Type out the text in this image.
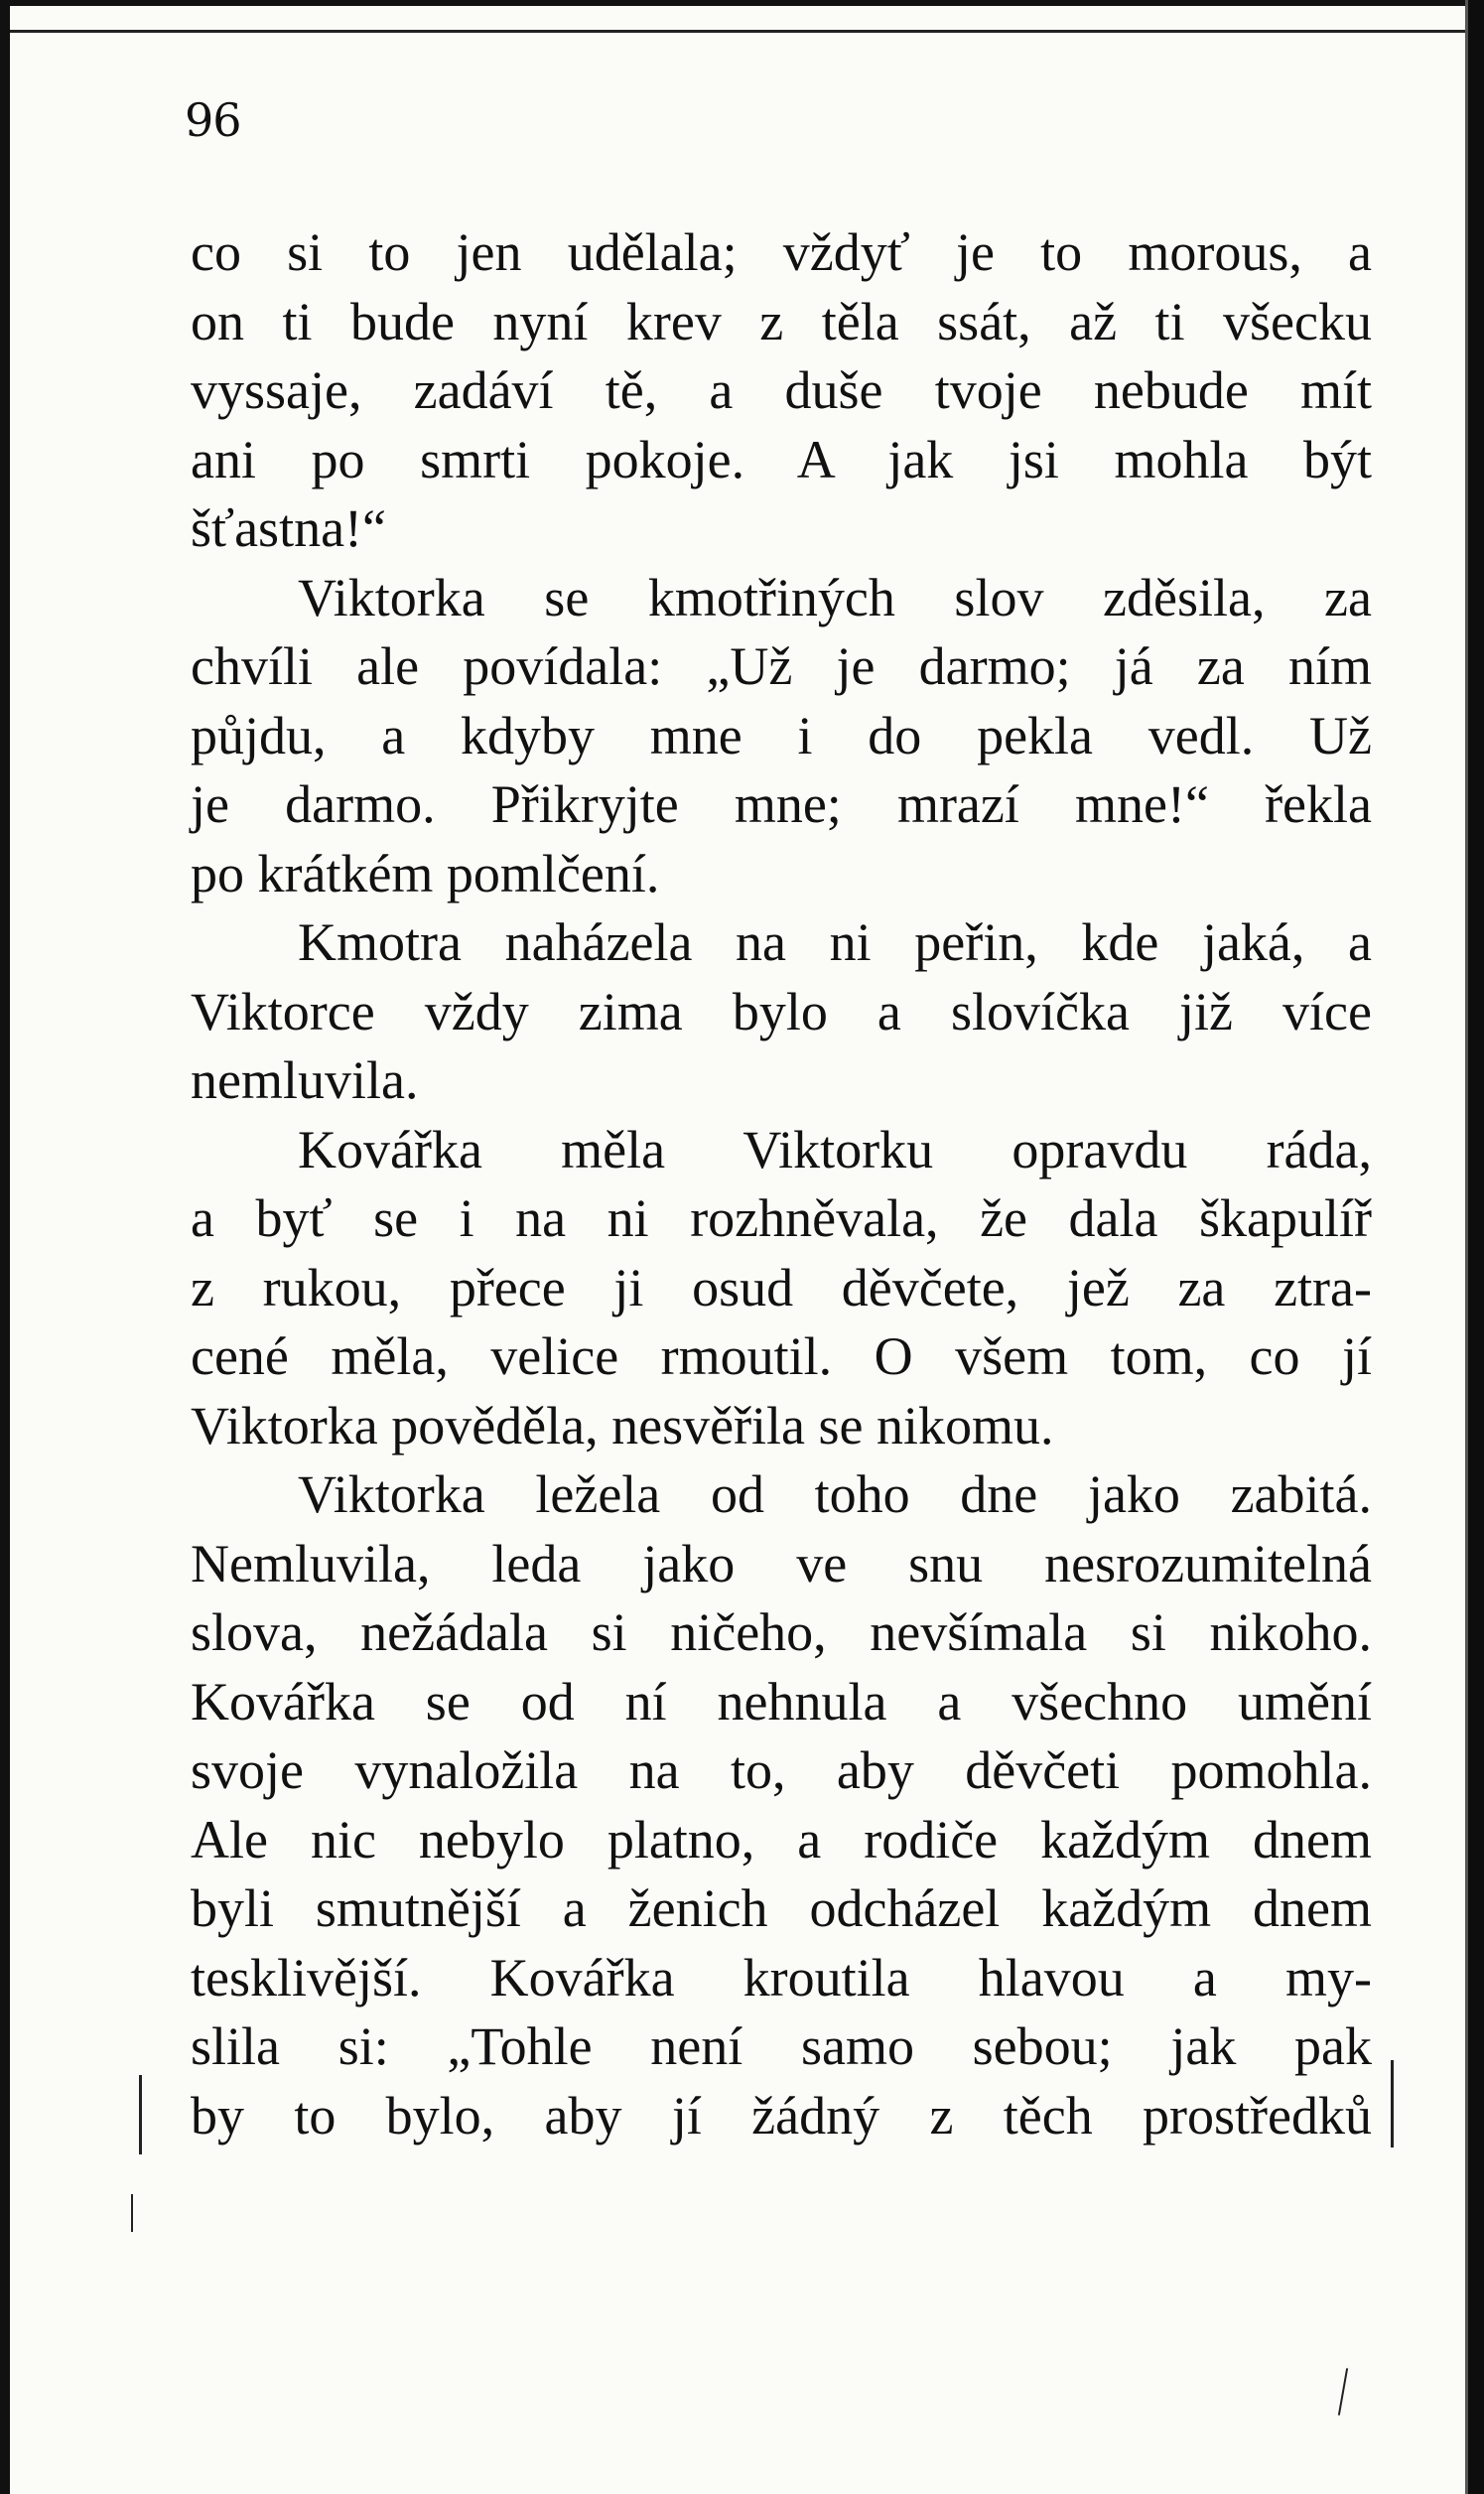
96
co si to jen udělala; vždyť je to morous, a
on ti bude nyní krev z těla ssát, až ti všecku
vyssaje, zadáví tě, a duše tvoje nebude mít
ani po smrti pokoje. A jak jsi mohla být
šťastna!“
Viktorka se kmotřiných slov zděsila, za
chvíli ale povídala: „Už je darmo; já za ním
půjdu, a kdyby mne i do pekla vedl. Už
je darmo. Přikryjte mne; mrazí mne!“ řekla
po krátkém pomlčení.
Kmotra naházela na ni peřin, kde jaká, a
Viktorce vždy zima bylo a slovíčka již více
nemluvila.
Kovářka měla Viktorku opravdu ráda,
a byť se i na ni rozhněvala, že dala škapulíř
z rukou, přece ji osud děvčete, jež za ztra-
cené měla, velice rmoutil. O všem tom, co jí
Viktorka pověděla, nesvěřila se nikomu.
Viktorka ležela od toho dne jako zabitá.
Nemluvila, leda jako ve snu nesrozumitelná
slova, nežádala si ničeho, nevšímala si nikoho.
Kovářka se od ní nehnula a všechno umění
svoje vynaložila na to, aby děvčeti pomohla.
Ale nic nebylo platno, a rodiče každým dnem
byli smutnější a ženich odcházel každým dnem
tesklivější. Kovářka kroutila hlavou a my-
slila si: „Tohle není samo sebou; jak pak
by to bylo, aby jí žádný z těch prostředků
